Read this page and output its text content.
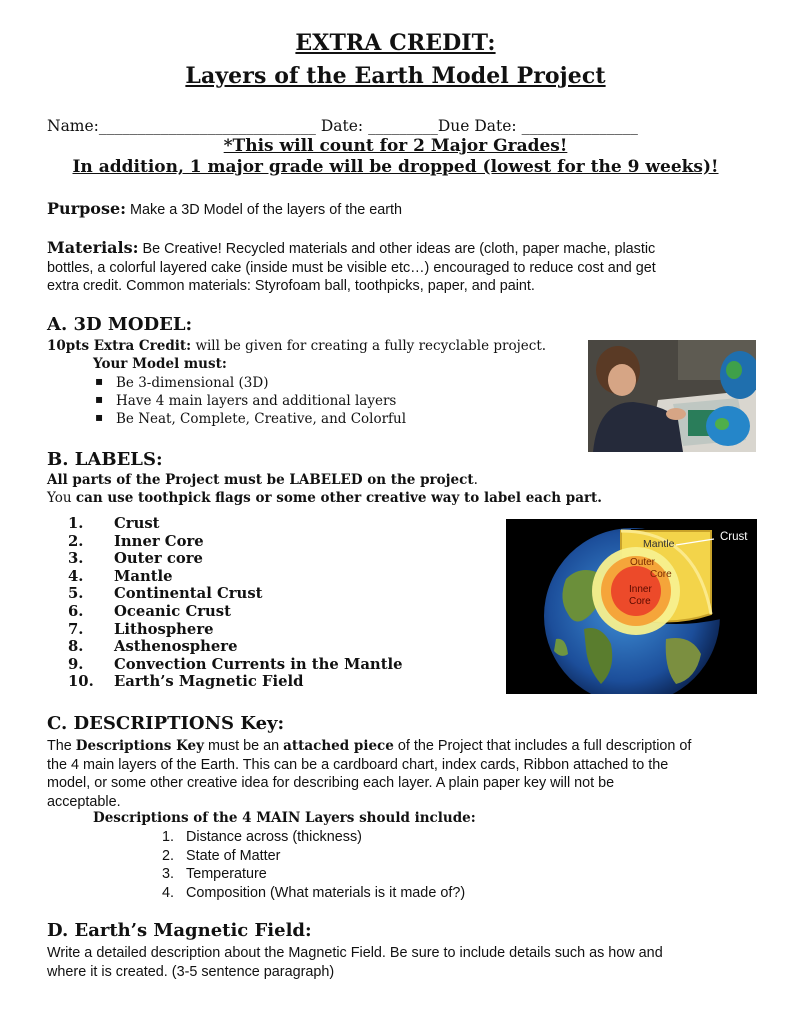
EXTRA CREDIT:
Layers of the Earth Model Project
Name:____________________________ Date: _________Due Date: _______________
*This will count for 2 Major Grades!
In addition, 1 major grade will be dropped (lowest for the 9 weeks)!
Purpose: Make a 3D Model of the layers of the earth
Materials: Be Creative! Recycled materials and other ideas are (cloth, paper mache, plastic
bottles, a colorful layered cake (inside must be visible etc…) encouraged to reduce cost and get
extra credit. Common materials: Styrofoam ball, toothpicks, paper, and paint.
A. 3D MODEL:
10pts Extra Credit: will be given for creating a fully recyclable project.
Your Model must:
▪ Be 3-dimensional (3D)
▪ Have 4 main layers and additional layers
▪ Be Neat, Complete, Creative, and Colorful
B. LABELS:
All parts of the Project must be LABELED on the project.
You can use toothpick flags or some other creative way to label each part.
1. Crust
2. Inner Core
3. Outer core
4. Mantle
5. Continental Crust
6. Oceanic Crust
7. Lithosphere
8. Asthenosphere
9. Convection Currents in the Mantle
10. Earth’s Magnetic Field
Crust
Mantle
Outer
Core
Inner
Core
C. DESCRIPTIONS Key:
The Descriptions Key must be an attached piece of the Project that includes a full description of
the 4 main layers of the Earth. This can be a cardboard chart, index cards, Ribbon attached to the
model, or some other creative idea for describing each layer. A plain paper key will not be
acceptable.
Descriptions of the 4 MAIN Layers should include:
1. Distance across (thickness)
2. State of Matter
3. Temperature
4. Composition (What materials is it made of?)
D. Earth’s Magnetic Field:
Write a detailed description about the Magnetic Field. Be sure to include details such as how and
where it is created. (3-5 sentence paragraph)
